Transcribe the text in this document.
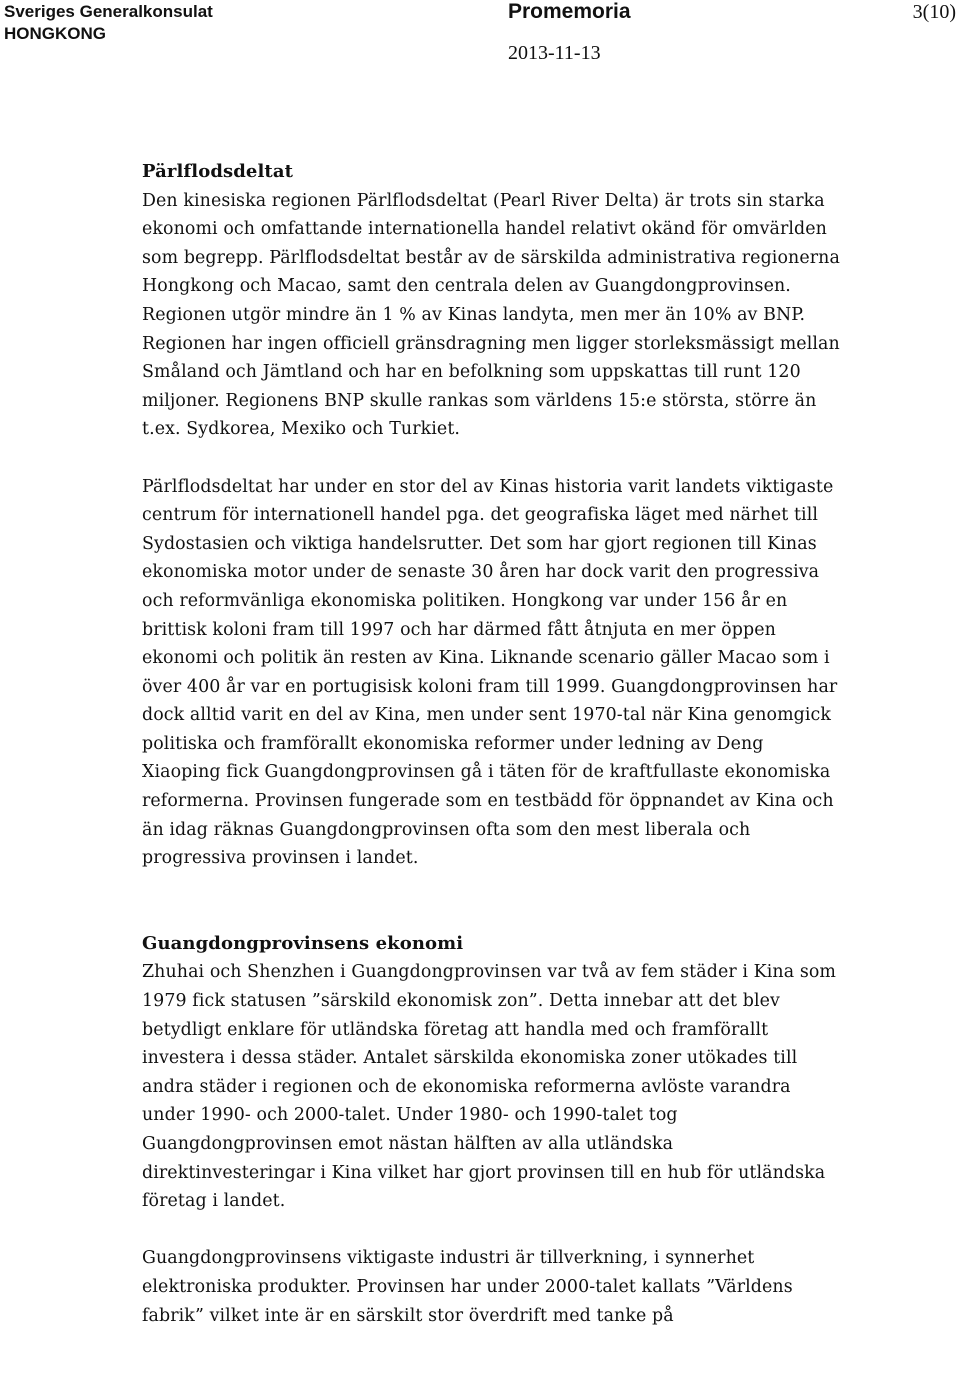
Sveriges Generalkonsulat
HONGKONG
Promemoria
2013-11-13
3(10)
Pärlflodsdeltat

Den kinesiska regionen Pärlflodsdeltat (Pearl River Delta) är trots sin starka ekonomi och omfattande internationella handel relativt okänd för omvärlden som begrepp. Pärlflodsdeltat består av de särskilda administrativa regionerna Hongkong och Macao, samt den centrala delen av Guangdongprovinsen. Regionen utgör mindre än 1 % av Kinas landyta, men mer än 10% av BNP. Regionen har ingen officiell gränsdragning men ligger storleksmässigt mellan Småland och Jämtland och har en befolkning som uppskattas till runt 120 miljoner. Regionens BNP skulle rankas som världens 15:e största, större än t.ex. Sydkorea, Mexiko och Turkiet.

Pärlflodsdeltat har under en stor del av Kinas historia varit landets viktigaste centrum för internationell handel pga. det geografiska läget med närhet till Sydostasien och viktiga handelsrutter. Det som har gjort regionen till Kinas ekonomiska motor under de senaste 30 åren har dock varit den progressiva och reformvänliga ekonomiska politiken. Hongkong var under 156 år en brittisk koloni fram till 1997 och har därmed fått åtnjuta en mer öppen ekonomi och politik än resten av Kina. Liknande scenario gäller Macao som i över 400 år var en portugisisk koloni fram till 1999. Guangdongprovinsen har dock alltid varit en del av Kina, men under sent 1970-tal när Kina genomgick politiska och framförallt ekonomiska reformer under ledning av Deng Xiaoping fick Guangdongprovinsen gå i täten för de kraftfullaste ekonomiska reformerna. Provinsen fungerade som en testbädd för öppnandet av Kina och än idag räknas Guangdongprovinsen ofta som den mest liberala och progressiva provinsen i landet.

Guangdongprovinsens ekonomi

Zhuhai och Shenzhen i Guangdongprovinsen var två av fem städer i Kina som 1979 fick statusen ”särskild ekonomisk zon”. Detta innebar att det blev betydligt enklare för utländska företag att handla med och framförallt investera i dessa städer. Antalet särskilda ekonomiska zoner utökades till andra städer i regionen och de ekonomiska reformerna avlöste varandra under 1990- och 2000-talet. Under 1980- och 1990-talet tog Guangdongprovinsen emot nästan hälften av alla utländska direktinvesteringar i Kina vilket har gjort provinsen till en hub för utländska företag i landet.

Guangdongprovinsens viktigaste industri är tillverkning, i synnerhet elektroniska produkter. Provinsen har under 2000-talet kallats ”Världens fabrik” vilket inte är en särskilt stor överdrift med tanke på
